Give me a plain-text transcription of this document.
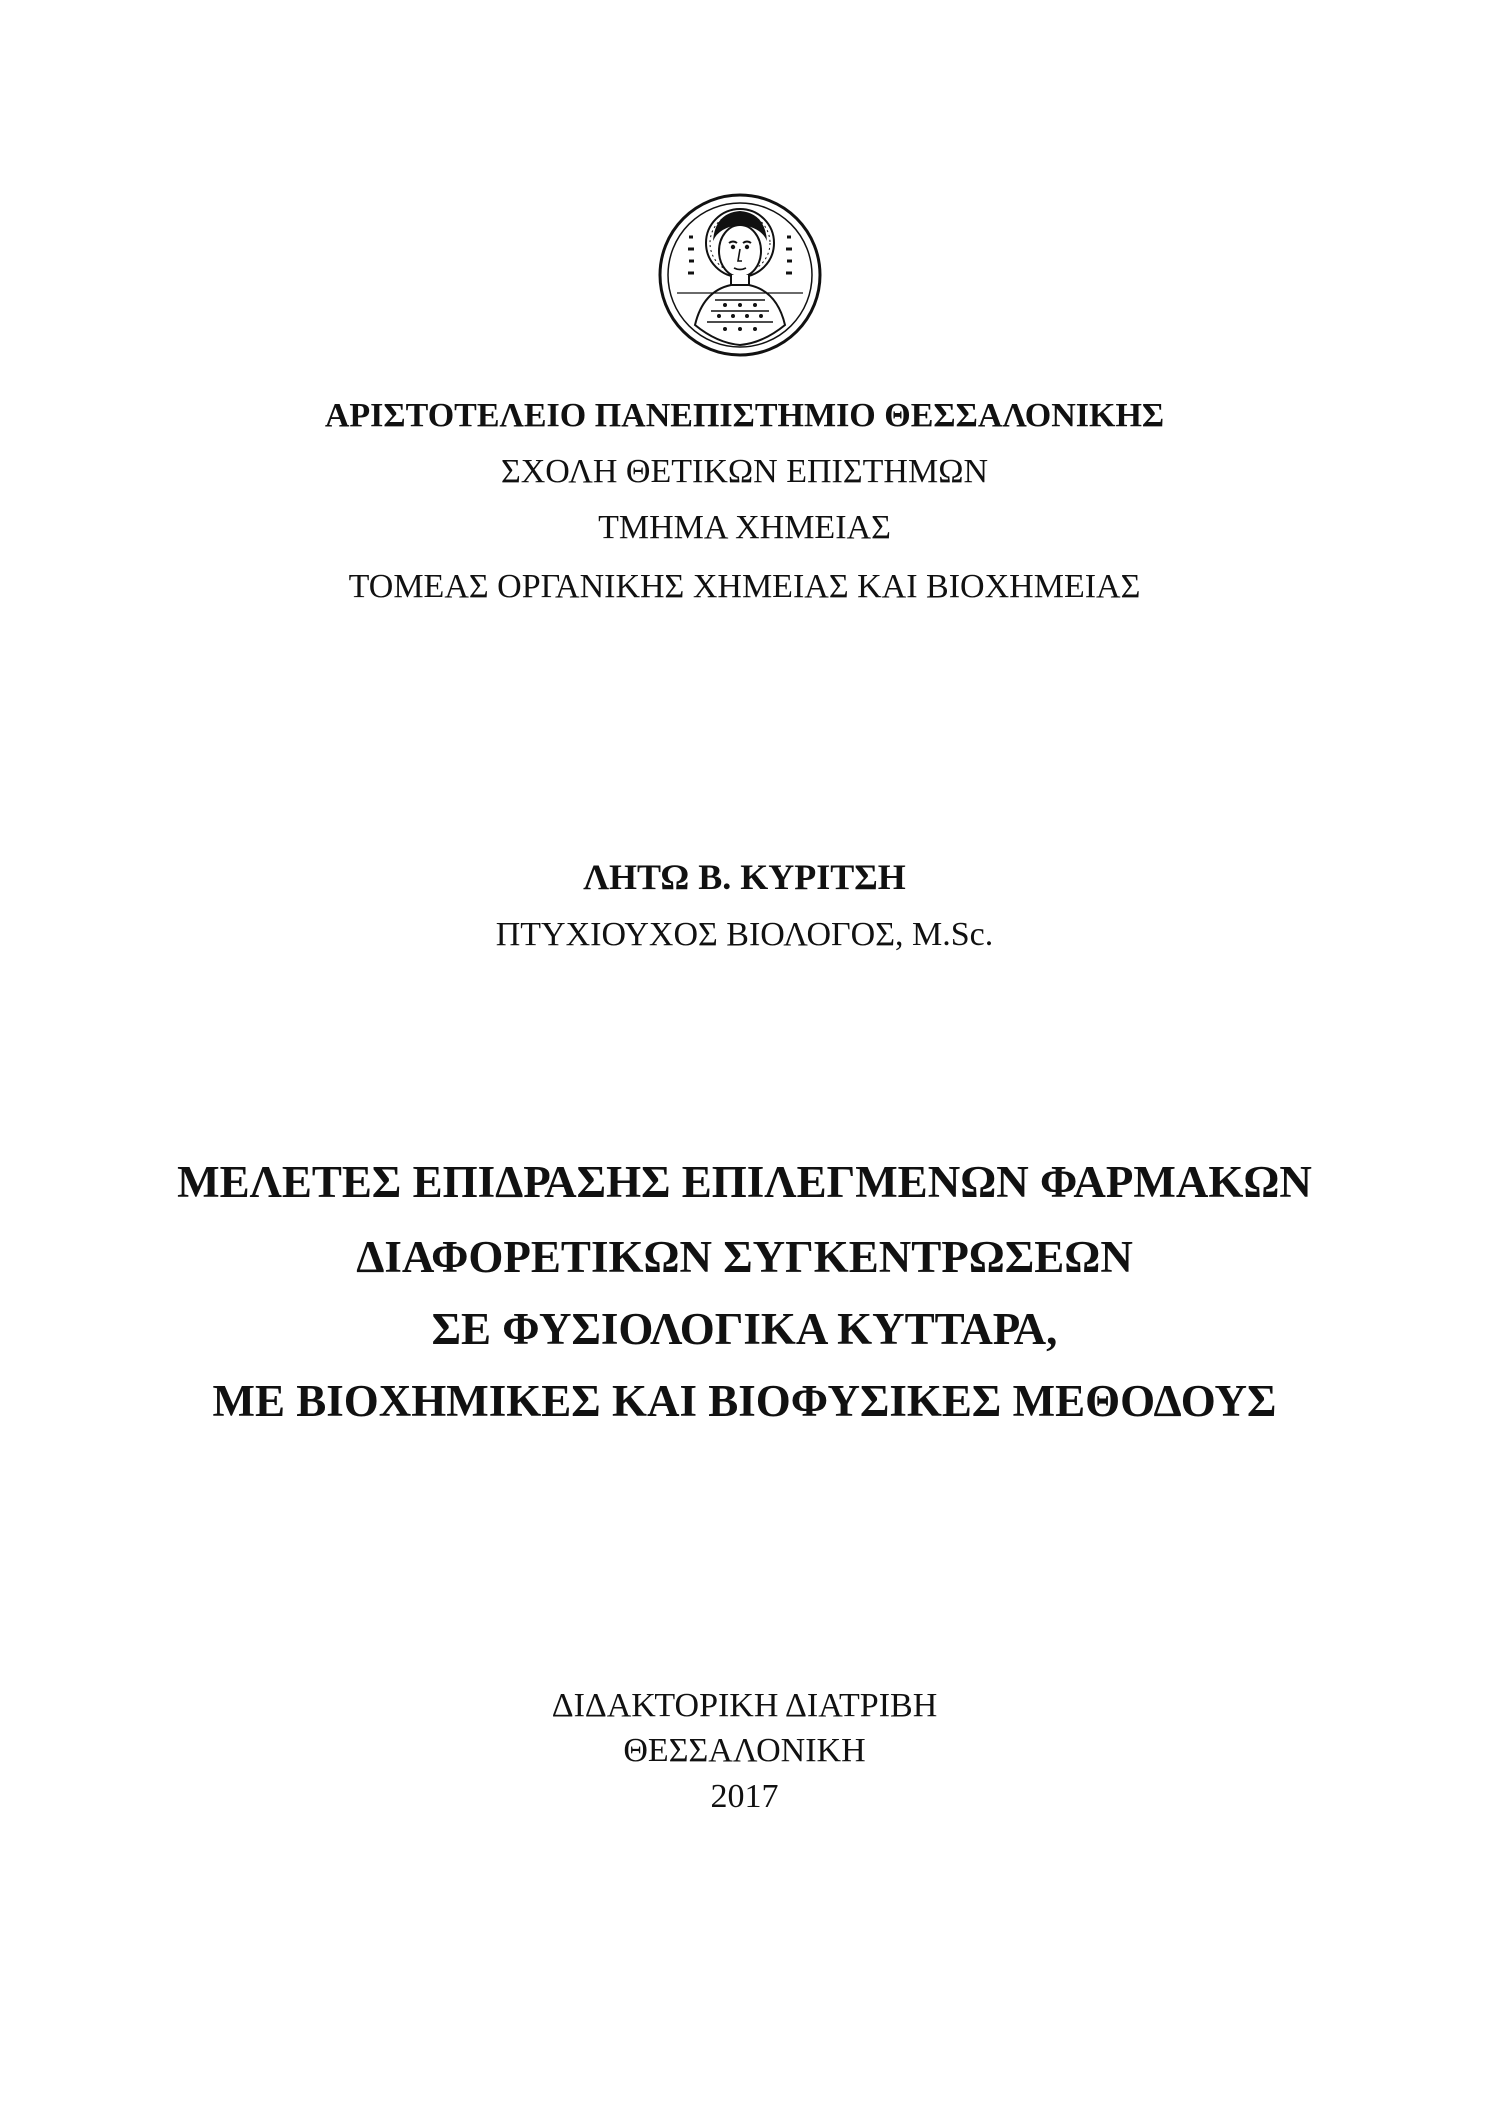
ΑΡΙΣΤΟΤΕΛΕΙΟ ΠΑΝΕΠΙΣΤΗΜΙΟ ΘΕΣΣΑΛΟΝΙΚΗΣ
ΣΧΟΛΗ ΘΕΤΙΚΩΝ ΕΠΙΣΤΗΜΩΝ
ΤΜΗΜΑ ΧΗΜΕΙΑΣ
ΤΟΜΕΑΣ ΟΡΓΑΝΙΚΗΣ ΧΗΜΕΙΑΣ ΚΑΙ ΒΙΟΧΗΜΕΙΑΣ
ΛΗΤΩ Β. ΚΥΡΙΤΣΗ
ΠΤΥΧΙΟΥΧΟΣ ΒΙΟΛΟΓΟΣ, M.Sc.
ΜΕΛΕΤΕΣ ΕΠΙΔΡΑΣΗΣ ΕΠΙΛΕΓΜΕΝΩΝ ΦΑΡΜΑΚΩΝ
ΔΙΑΦΟΡΕΤΙΚΩΝ ΣΥΓΚΕΝΤΡΩΣΕΩΝ
ΣΕ ΦΥΣΙΟΛΟΓΙΚΑ ΚΥΤΤΑΡΑ,
ΜΕ ΒΙΟΧΗΜΙΚΕΣ ΚΑΙ ΒΙΟΦΥΣΙΚΕΣ ΜΕΘΟΔΟΥΣ
ΔΙΔΑΚΤΟΡΙΚΗ ΔΙΑΤΡΙΒΗ
ΘΕΣΣΑΛΟΝΙΚΗ
2017
